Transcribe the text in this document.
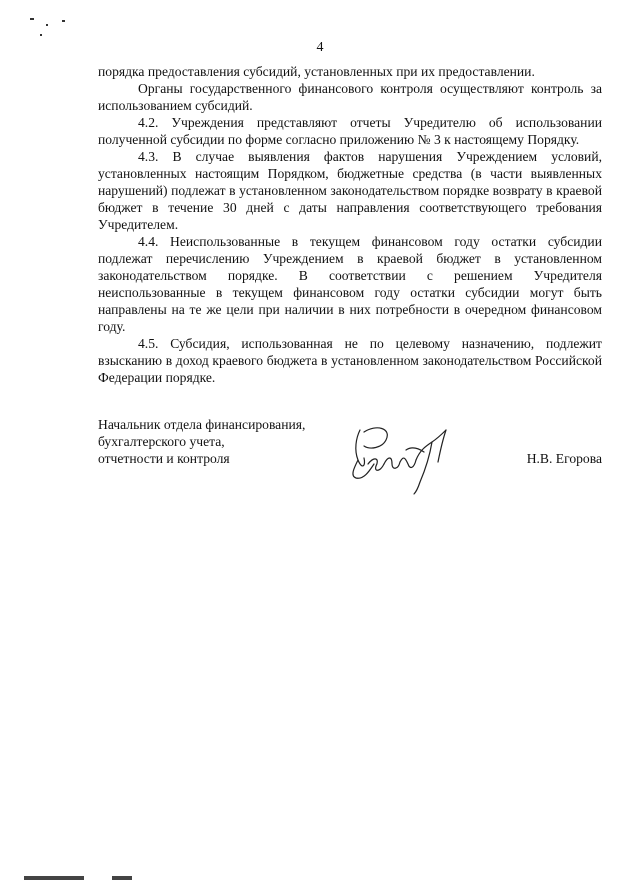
4

порядка предоставления субсидий, установленных при их предоставлении.

Органы государственного финансового контроля осуществляют контроль за использованием субсидий.

4.2. Учреждения представляют отчеты Учредителю об использовании полученной субсидии по форме согласно приложению № 3 к настоящему Порядку.

4.3. В случае выявления фактов нарушения Учреждением условий, установленных настоящим Порядком, бюджетные средства (в части выявленных нарушений) подлежат в установленном законодательством порядке возврату в краевой бюджет в течение 30 дней с даты направления соответствующего требования Учредителем.

4.4. Неиспользованные в текущем финансовом году остатки субсидии подлежат перечислению Учреждением в краевой бюджет в установленном законодательством порядке. В соответствии с решением Учредителя неиспользованные в текущем финансовом году остатки субсидии могут быть направлены на те же цели при наличии в них потребности в очередном финансовом году.

4.5. Субсидия, использованная не по целевому назначению, подлежит взысканию в доход краевого бюджета в установленном законодательством Российской Федерации порядке.

Начальник отдела финансирования,
бухгалтерского учета,
отчетности и контроля	Н.В. Егорова
